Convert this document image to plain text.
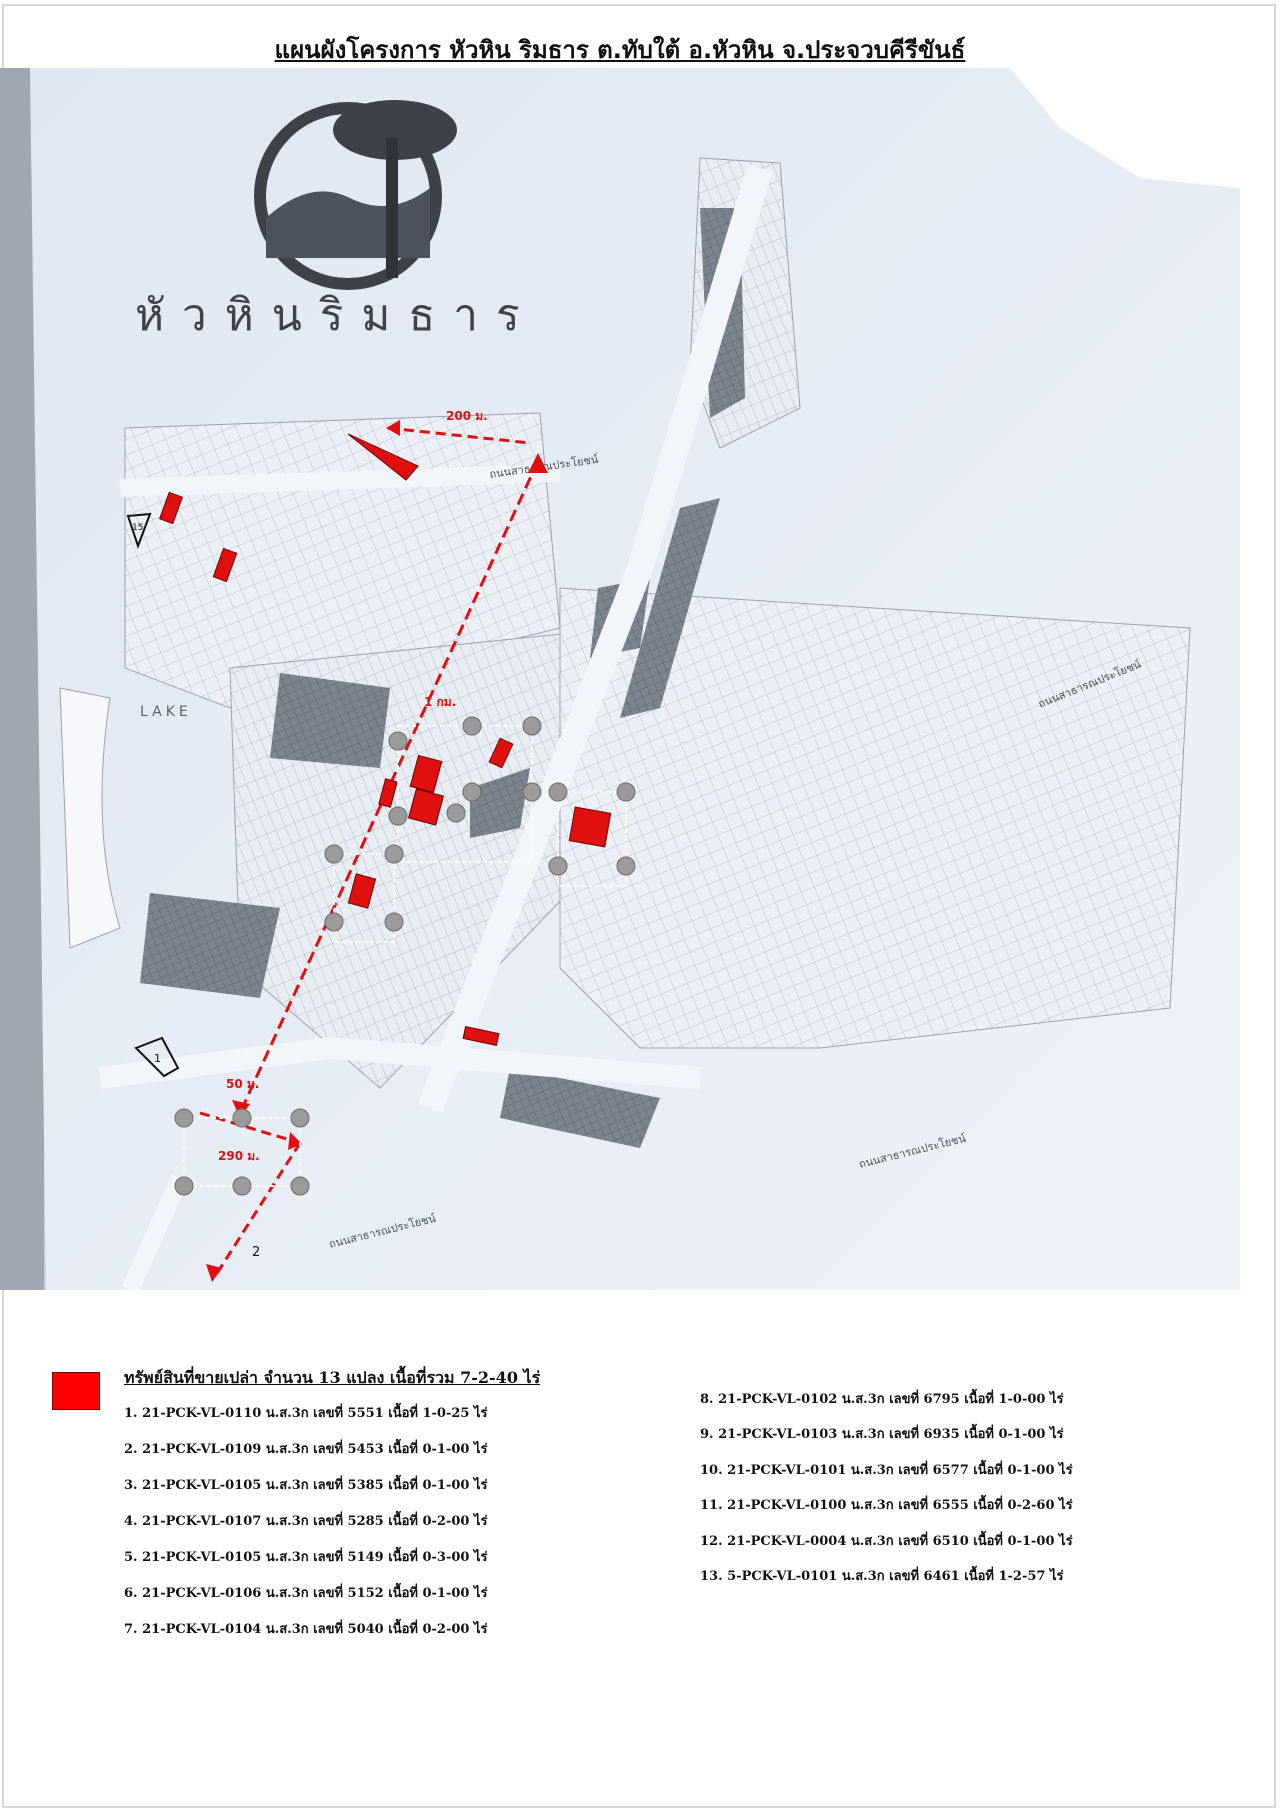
แผนผังโครงการ หัวหิน ริมธาร ต.ทับใต้ อ.หัวหิน จ.ประจวบคีรีขันธ์
หัวหินริมธาร
LAKE
ถนนสาธารณประโยชน์
ถนนสาธารณประโยชน์
ถนนสาธารณประโยชน์
200 ม.
1 กม.
50 ม.
290 ม.
15
1
2
ทรัพย์สินที่ขายเปล่า จำนวน 13 แปลง เนื้อที่รวม 7-2-40 ไร่
1. 21-PCK-VL-0110 น.ส.3ก เลขที่ 5551 เนื้อที่ 1-0-25 ไร่
2. 21-PCK-VL-0109 น.ส.3ก เลขที่ 5453 เนื้อที่ 0-1-00 ไร่
3. 21-PCK-VL-0105 น.ส.3ก เลขที่ 5385 เนื้อที่ 0-1-00 ไร่
4. 21-PCK-VL-0107 น.ส.3ก เลขที่ 5285 เนื้อที่ 0-2-00 ไร่
5. 21-PCK-VL-0105 น.ส.3ก เลขที่ 5149 เนื้อที่ 0-3-00 ไร่
6. 21-PCK-VL-0106 น.ส.3ก เลขที่ 5152 เนื้อที่ 0-1-00 ไร่
7. 21-PCK-VL-0104 น.ส.3ก เลขที่ 5040 เนื้อที่ 0-2-00 ไร่
8. 21-PCK-VL-0102 น.ส.3ก เลขที่ 6795 เนื้อที่ 1-0-00 ไร่
9. 21-PCK-VL-0103 น.ส.3ก เลขที่ 6935 เนื้อที่ 0-1-00 ไร่
10. 21-PCK-VL-0101 น.ส.3ก เลขที่ 6577 เนื้อที่ 0-1-00 ไร่
11. 21-PCK-VL-0100 น.ส.3ก เลขที่ 6555 เนื้อที่ 0-2-60 ไร่
12. 21-PCK-VL-0004 น.ส.3ก เลขที่ 6510 เนื้อที่ 0-1-00 ไร่
13. 5-PCK-VL-0101 น.ส.3ก เลขที่ 6461 เนื้อที่ 1-2-57 ไร่
